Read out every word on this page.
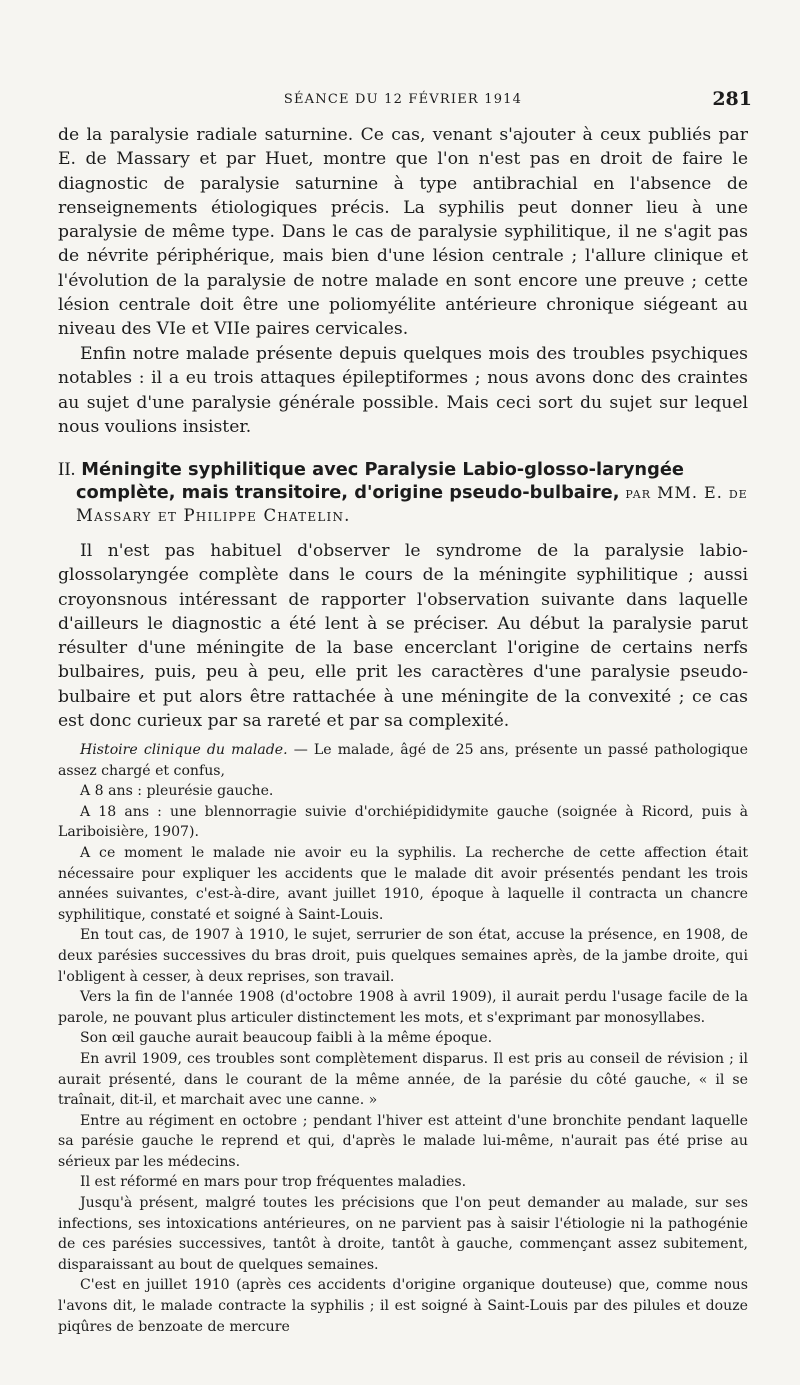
SÉANCE DU 12 FÉVRIER 1914	281

de la paralysie radiale saturnine. Ce cas, venant s'ajouter à ceux publiés par E. de Massary et par Huet, montre que l'on n'est pas en droit de faire le diagnostic de paralysie saturnine à type antibrachial en l'absence de renseignements étiologiques précis. La syphilis peut donner lieu à une paralysie de même type. Dans le cas de paralysie syphilitique, il ne s'agit pas de névrite périphérique, mais bien d'une lésion centrale ; l'allure clinique et l'évolution de la paralysie de notre malade en sont encore une preuve ; cette lésion centrale doit être une poliomyélite antérieure chronique siégeant au niveau des VIe et VIIe paires cervicales.

Enfin notre malade présente depuis quelques mois des troubles psychiques notables : il a eu trois attaques épileptiformes ; nous avons donc des craintes au sujet d'une paralysie générale possible. Mais ceci sort du sujet sur lequel nous voulions insister.

II. Méningite syphilitique avec Paralysie Labio-glosso-laryngée
complète, mais transitoire, d'origine pseudo-bulbaire, par MM. E. de
Massary et Philippe Chatelin.

Il n'est pas habituel d'observer le syndrome de la paralysie labio-glossolaryngée complète dans le cours de la méningite syphilitique ; aussi croyonsnous intéressant de rapporter l'observation suivante dans laquelle d'ailleurs le diagnostic a été lent à se préciser. Au début la paralysie parut résulter d'une méningite de la base encerclant l'origine de certains nerfs bulbaires, puis, peu à peu, elle prit les caractères d'une paralysie pseudo-bulbaire et put alors être rattachée à une méningite de la convexité ; ce cas est donc curieux par sa rareté et par sa complexité.

Histoire clinique du malade. — Le malade, âgé de 25 ans, présente un passé pathologique assez chargé et confus,

A 8 ans : pleurésie gauche.

A 18 ans : une blennorragie suivie d'orchiépididymite gauche (soignée à Ricord, puis à Lariboisière, 1907).

A ce moment le malade nie avoir eu la syphilis. La recherche de cette affection était nécessaire pour expliquer les accidents que le malade dit avoir présentés pendant les trois années suivantes, c'est-à-dire, avant juillet 1910, époque à laquelle il contracta un chancre syphilitique, constaté et soigné à Saint-Louis.

En tout cas, de 1907 à 1910, le sujet, serrurier de son état, accuse la présence, en 1908, de deux parésies successives du bras droit, puis quelques semaines après, de la jambe droite, qui l'obligent à cesser, à deux reprises, son travail.

Vers la fin de l'année 1908 (d'octobre 1908 à avril 1909), il aurait perdu l'usage facile de la parole, ne pouvant plus articuler distinctement les mots, et s'exprimant par monosyllabes.

Son œil gauche aurait beaucoup faibli à la même époque.

En avril 1909, ces troubles sont complètement disparus. Il est pris au conseil de révision ; il aurait présenté, dans le courant de la même année, de la parésie du côté gauche, « il se traînait, dit-il, et marchait avec une canne. »

Entre au régiment en octobre ; pendant l'hiver est atteint d'une bronchite pendant laquelle sa parésie gauche le reprend et qui, d'après le malade lui-même, n'aurait pas été prise au sérieux par les médecins.

Il est réformé en mars pour trop fréquentes maladies.

Jusqu'à présent, malgré toutes les précisions que l'on peut demander au malade, sur ses infections, ses intoxications antérieures, on ne parvient pas à saisir l'étiologie ni la pathogénie de ces parésies successives, tantôt à droite, tantôt à gauche, commençant assez subitement, disparaissant au bout de quelques semaines.

C'est en juillet 1910 (après ces accidents d'origine organique douteuse) que, comme nous l'avons dit, le malade contracte la syphilis ; il est soigné à Saint-Louis par des pilules et douze piqûres de benzoate de mercure
